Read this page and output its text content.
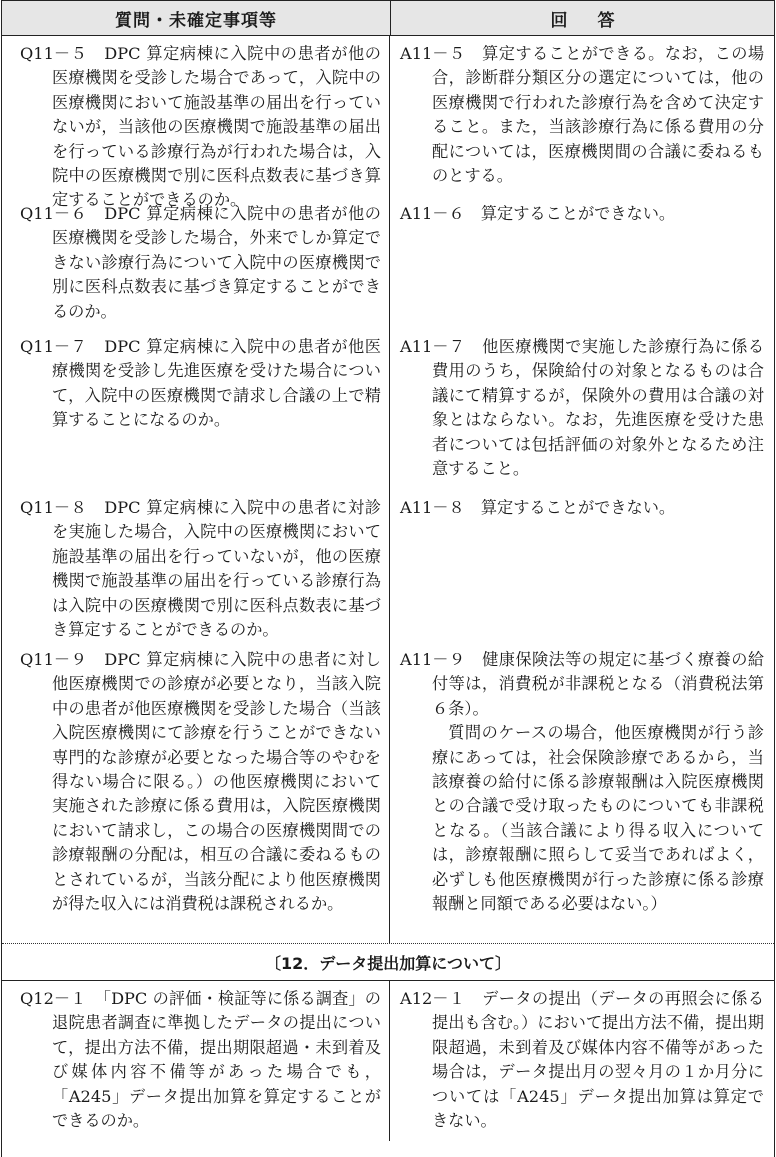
質問・未確定事項等	回答
Q11－５　 DPC 算定病棟に入院中の患者が他の医療機関を受診した場合であって，入院中の医療機関において施設基準の届出を行っていないが，当該他の医療機関で施設基準の届出を行っている診療行為が行われた場合は，入院中の医療機関で別に医科点数表に基づき算定することができるのか。
A11－５　 算定することができる。なお，この場合，診断群分類区分の選定については，他の医療機関で行われた診療行為を含めて決定すること。また，当該診療行為に係る費用の分配については，医療機関間の合議に委ねるものとする。
Q11－６　 DPC 算定病棟に入院中の患者が他の医療機関を受診した場合，外来でしか算定できない診療行為について入院中の医療機関で別に医科点数表に基づき算定することができるのか。
A11－６　 算定することができない。
Q11－７　 DPC 算定病棟に入院中の患者が他医療機関を受診し先進医療を受けた場合について，入院中の医療機関で請求し合議の上で精算することになるのか。
A11－７　 他医療機関で実施した診療行為に係る費用のうち，保険給付の対象となるものは合議にて精算するが，保険外の費用は合議の対象とはならない。なお，先進医療を受けた患者については包括評価の対象外となるため注意すること。
Q11－８　 DPC 算定病棟に入院中の患者に対診を実施した場合，入院中の医療機関において施設基準の届出を行っていないが，他の医療機関で施設基準の届出を行っている診療行為は入院中の医療機関で別に医科点数表に基づき算定することができるのか。
A11－８　 算定することができない。
Q11－９　 DPC 算定病棟に入院中の患者に対し他医療機関での診療が必要となり，当該入院中の患者が他医療機関を受診した場合（当該入院医療機関にて診療を行うことができない専門的な診療が必要となった場合等のやむを得ない場合に限る。）の他医療機関において実施された診療に係る費用は，入院医療機関において請求し，この場合の医療機関間での診療報酬の分配は，相互の合議に委ねるものとされているが，当該分配により他医療機関が得た収入には消費税は課税されるか。
A11－９　 健康保険法等の規定に基づく療養の給付等は，消費税が非課税となる（消費税法第６条）。
質問のケースの場合，他医療機関が行う診療にあっては，社会保険診療であるから，当該療養の給付に係る診療報酬は入院医療機関との合議で受け取ったものについても非課税となる。（当該合議により得る収入については，診療報酬に照らして妥当であればよく，必ずしも他医療機関が行った診療に係る診療報酬と同額である必要はない。）
〔12．データ提出加算について〕
Q12－１　 「DPC の評価・検証等に係る調査」の退院患者調査に準拠したデータの提出について，提出方法不備，提出期限超過・未到着及び媒体内容不備等があった場合でも，「A245」データ提出加算を算定することができるのか。
A12－１　 データの提出（データの再照会に係る提出も含む。）において提出方法不備，提出期限超過，未到着及び媒体内容不備等があった場合は，データ提出月の翌々月の１か月分については「A245」データ提出加算は算定できない。
